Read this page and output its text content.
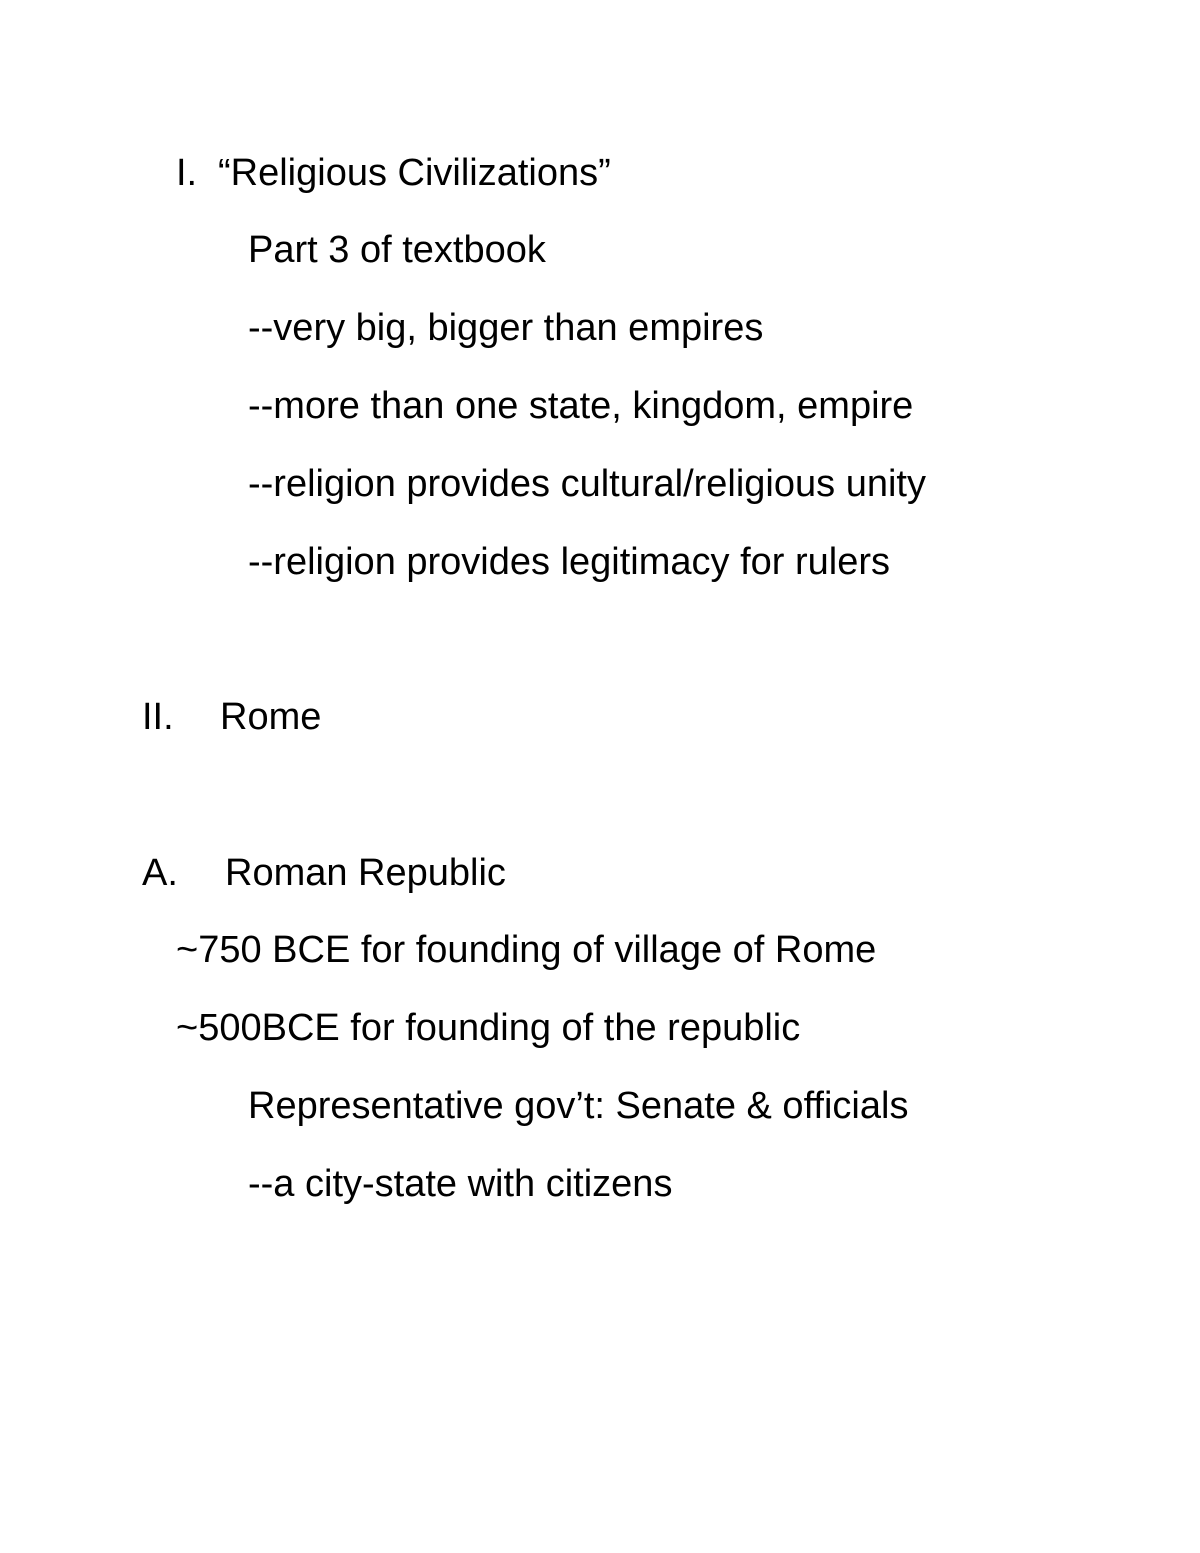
I. “Religious Civilizations”
Part 3 of textbook
--very big, bigger than empires
--more than one state, kingdom, empire
--religion provides cultural/religious unity
--religion provides legitimacy for rulers
II. Rome
A. Roman Republic
~750 BCE for founding of village of Rome
~500BCE for founding of the republic
Representative gov’t: Senate & officials
--a city-state with citizens
